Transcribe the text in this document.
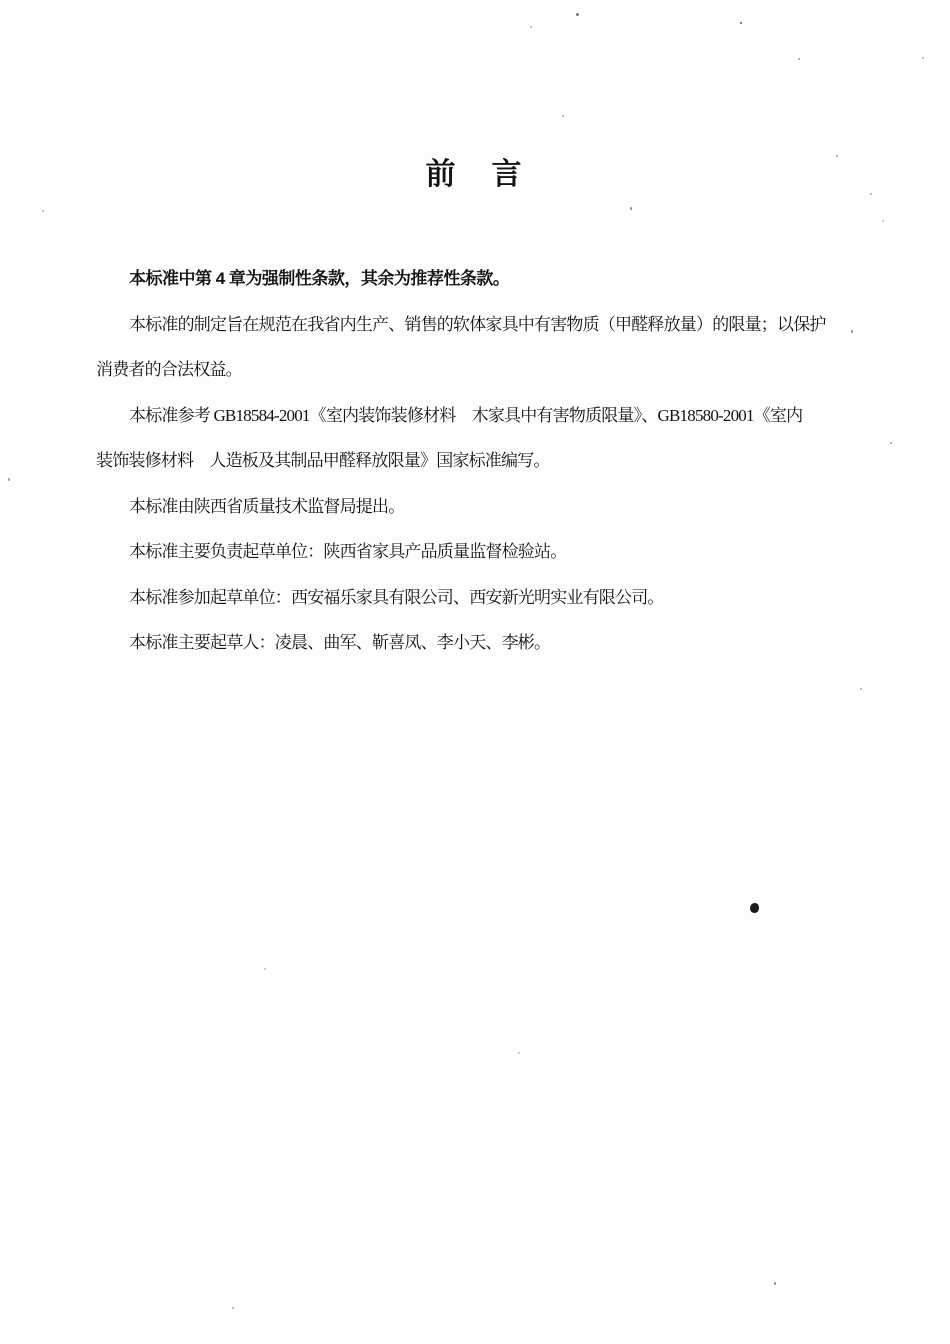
前　言

本标准中第 4 章为强制性条款，其余为推荐性条款。

本标准的制定旨在规范在我省内生产、销售的软体家具中有害物质（甲醛释放量）的限量；以保护
消费者的合法权益。

本标准参考 GB18584-2001《室内装饰装修材料　木家具中有害物质限量》、GB18580-2001《室内
装饰装修材料　人造板及其制品甲醛释放限量》国家标准编写。

本标准由陕西省质量技术监督局提出。

本标准主要负责起草单位：陕西省家具产品质量监督检验站。

本标准参加起草单位：西安福乐家具有限公司、西安新光明实业有限公司。

本标准主要起草人：凌晨、曲军、靳喜凤、李小天、李彬。
